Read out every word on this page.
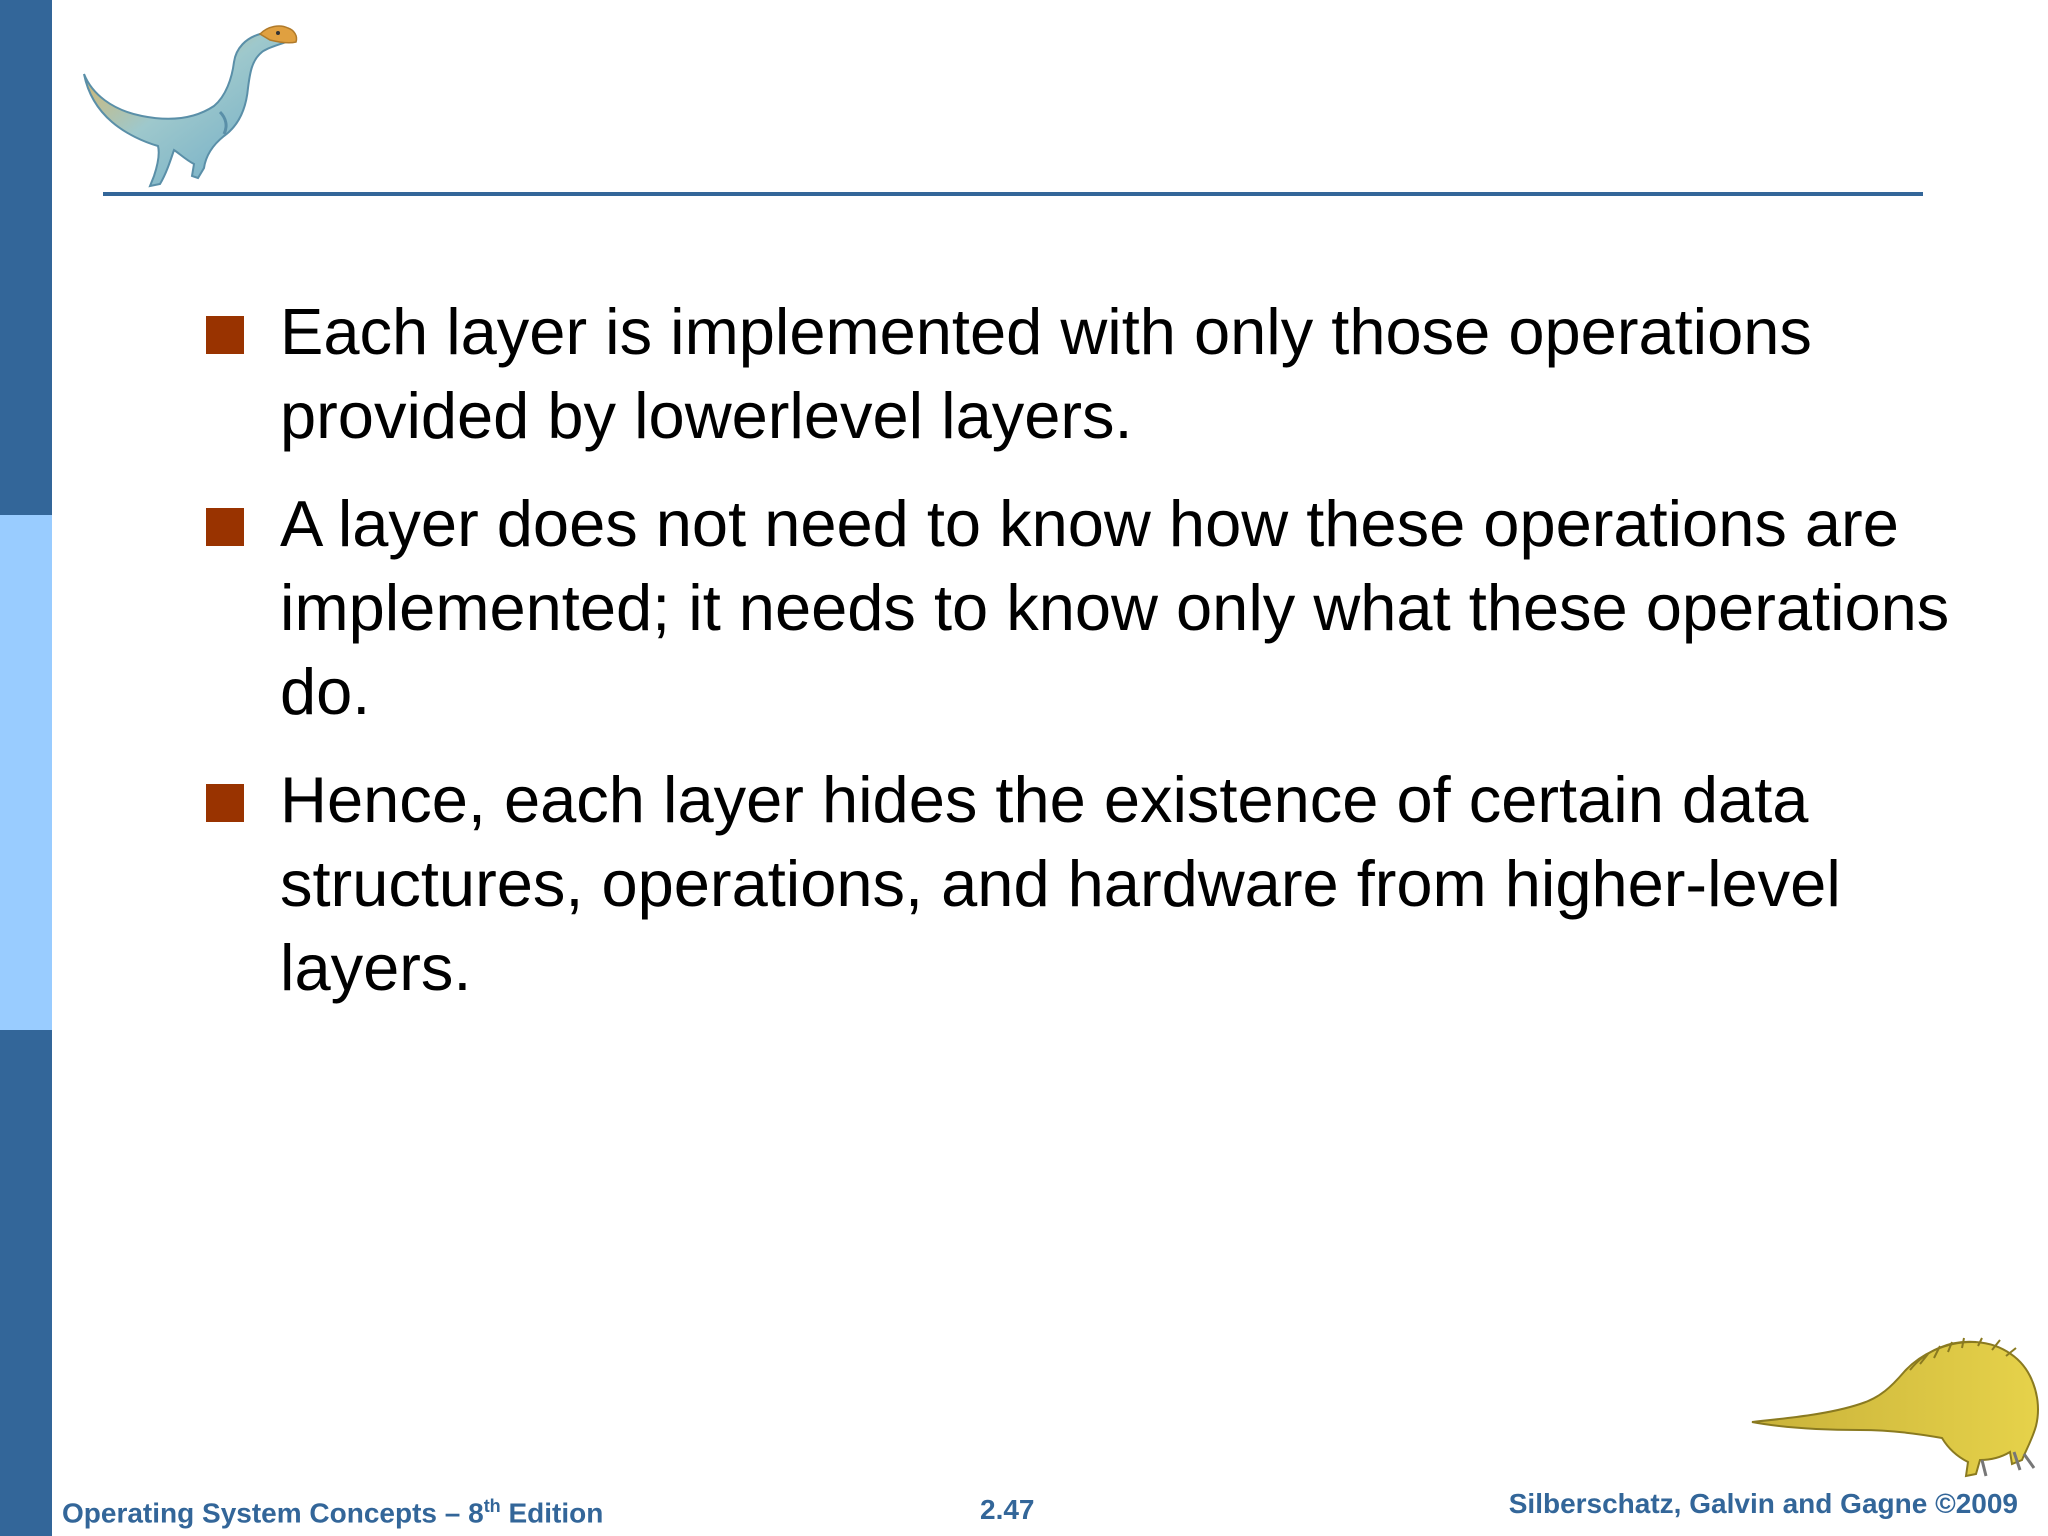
Each layer is implemented with only those operations provided by lowerlevel layers.
A layer does not need to know how these operations are implemented; it needs to know only what these operations do.
Hence, each layer hides the existence of certain data structures, operations, and hardware from higher-level layers.
Operating System Concepts – 8th Edition	2.47	Silberschatz, Galvin and Gagne ©2009
